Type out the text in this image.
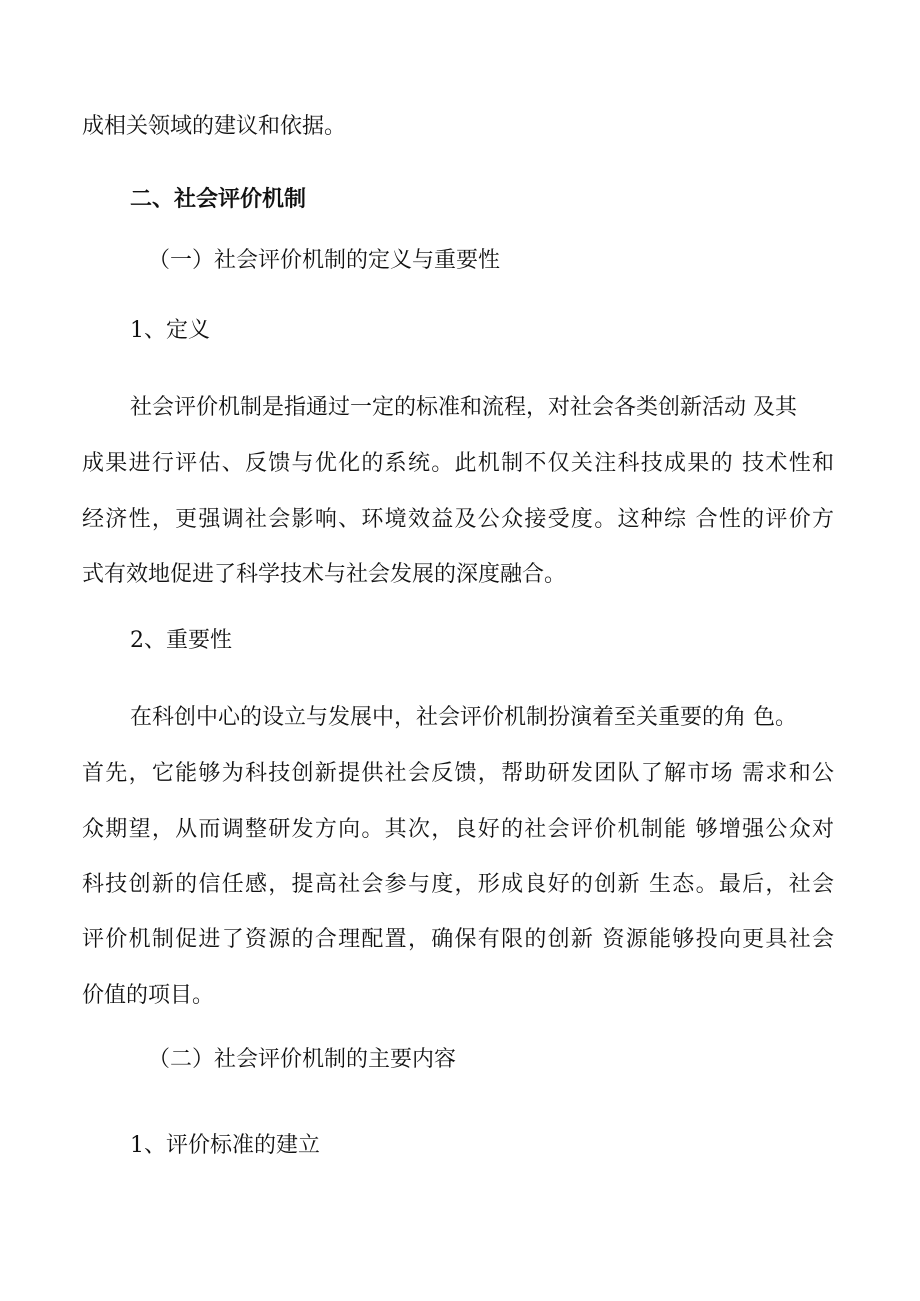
成相关领域的建议和依据。
二、社会评价机制
（一）社会评价机制的定义与重要性
1、定义
社会评价机制是指通过一定的标准和流程，对社会各类创新活动 及其
成果进行评估、反馈与优化的系统。此机制不仅关注科技成果的 技术性和
经济性，更强调社会影响、环境效益及公众接受度。这种综 合性的评价方
式有效地促进了科学技术与社会发展的深度融合。
2、重要性
在科创中心的设立与发展中，社会评价机制扮演着至关重要的角 色。
首先，它能够为科技创新提供社会反馈，帮助研发团队了解市场 需求和公
众期望，从而调整研发方向。其次，良好的社会评价机制能 够增强公众对
科技创新的信任感，提高社会参与度，形成良好的创新 生态。最后，社会
评价机制促进了资源的合理配置，确保有限的创新 资源能够投向更具社会
价值的项目。
（二）社会评价机制的主要内容
1、评价标准的建立
